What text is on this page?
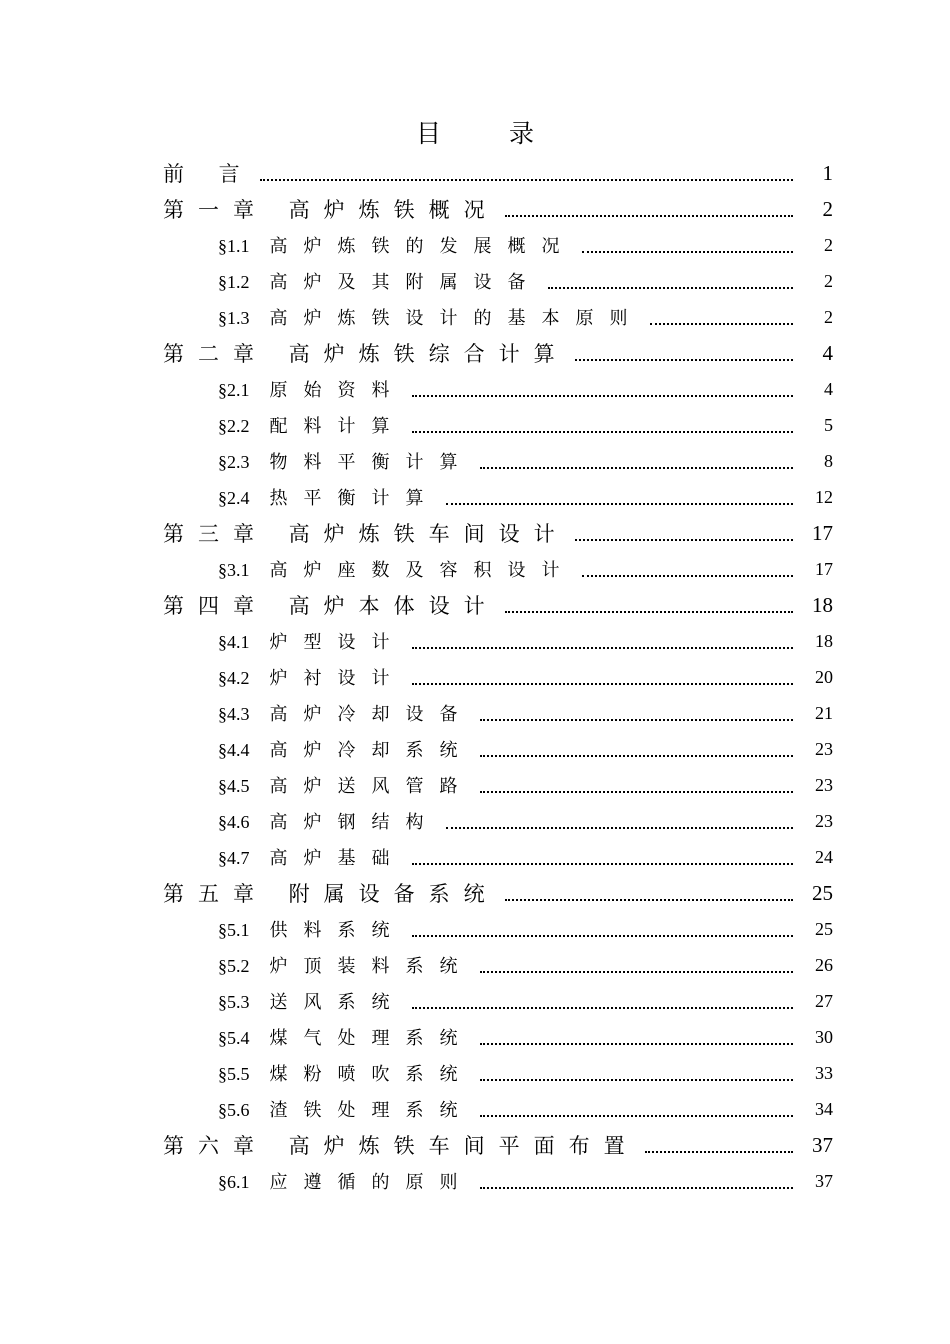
目 录
前 言	1
第一章 高炉炼铁概况	2
§1.1 高炉炼铁的发展概况	2
§1.2 高炉及其附属设备	2
§1.3 高炉炼铁设计的基本原则	2
第二章 高炉炼铁综合计算	4
§2.1 原始资料	4
§2.2 配料计算	5
§2.3 物料平衡计算	8
§2.4 热平衡计算	12
第三章 高炉炼铁车间设计	17
§3.1 高炉座数及容积设计	17
第四章 高炉本体设计	18
§4.1 炉型设计	18
§4.2 炉衬设计	20
§4.3 高炉冷却设备	21
§4.4 高炉冷却系统	23
§4.5 高炉送风管路	23
§4.6 高炉钢结构	23
§4.7 高炉基础	24
第五章 附属设备系统	25
§5.1 供料系统	25
§5.2 炉顶装料系统	26
§5.3 送风系统	27
§5.4 煤气处理系统	30
§5.5 煤粉喷吹系统	33
§5.6 渣铁处理系统	34
第六章 高炉炼铁车间平面布置	37
§6.1 应遵循的原则	37
